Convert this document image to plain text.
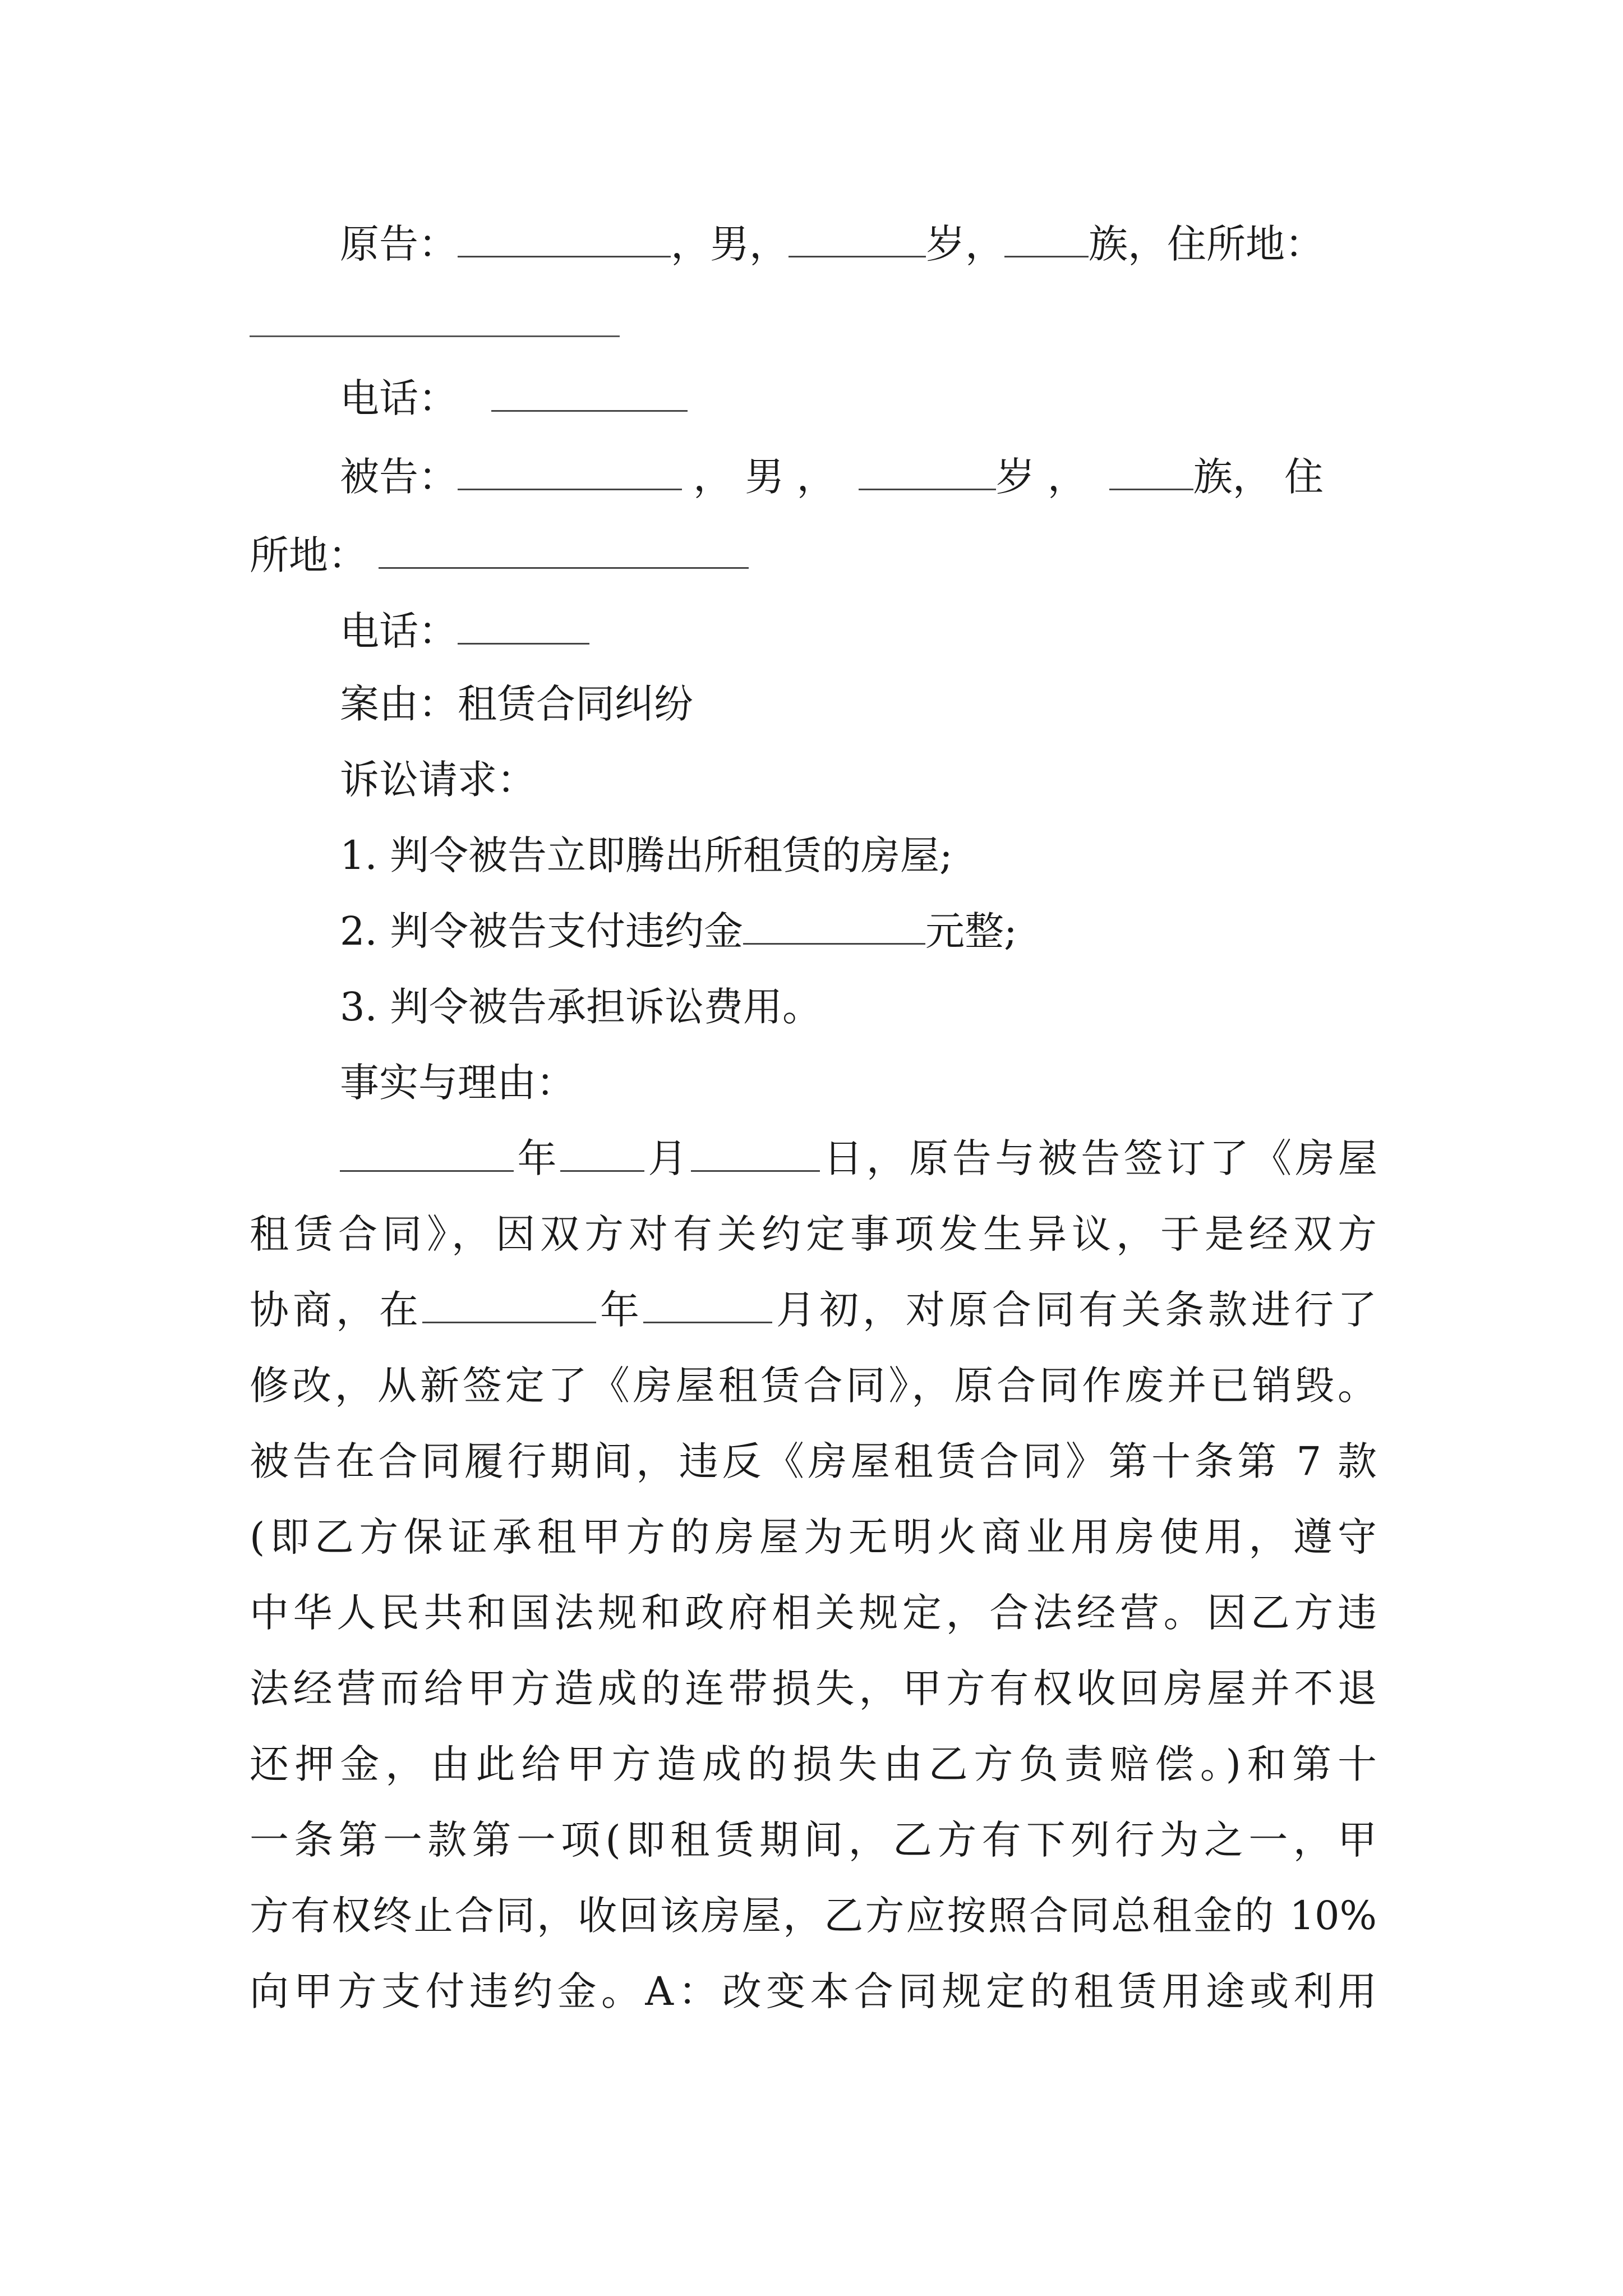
原告：	，男，	岁， 族，住所地：
电话：
被告：	， 男 ，	岁 ，	族， 住
所地：
电话：
案由：租赁合同纠纷
诉讼请求：
1. 判令被告立即腾出所租赁的房屋;
2. 判令被告支付违约金	元整;
3. 判令被告承担诉讼费用。
事实与理由：
年 月	日，原告与被告签订了《房屋
租赁合同》，因双方对有关约定事项发生异议，于是经双方
协商，在	年	月初，对原合同有关条款进行了
修改，从新签定了《房屋租赁合同》，原合同作废并已销毁。
被告在合同履行期间，违反《房屋租赁合同》第十条第 7 款
(即乙方保证承租甲方的房屋为无明火商业用房使用，遵守
中华人民共和国法规和政府相关规定，合法经营。因乙方违
法经营而给甲方造成的连带损失，甲方有权收回房屋并不退
还押金，由此给甲方造成的损失由乙方负责赔偿。)和第十
一条第一款第一项(即租赁期间，乙方有下列行为之一，甲
方有权终止合同，收回该房屋，乙方应按照合同总租金的 10%
向甲方支付违约金。A：改变本合同规定的租赁用途或利用
